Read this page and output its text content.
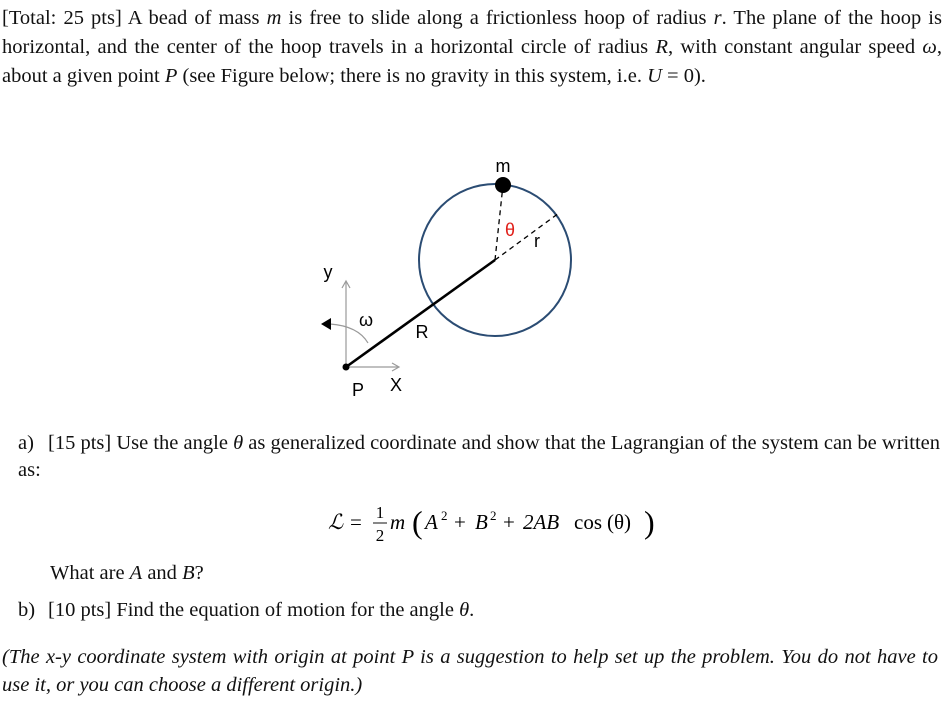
[Total: 25 pts] A bead of mass m is free to slide along a frictionless hoop of radius r. The plane of the hoop is horizontal, and the center of the hoop travels in a horizontal circle of radius R, with constant angular speed ω, about a given point P (see Figure below; there is no gravity in this system, i.e. U = 0).

m
θ
r
y
ω
R
P X
a) [15 pts] Use the angle θ as generalized coordinate and show that the Lagrangian of the system can be written as:
ℒ = 1
2
m ( A 2 + B 2 + 2AB cos (θ) )
What are A and B?
b) [10 pts] Find the equation of motion for the angle θ.

(The x-y coordinate system with origin at point P is a suggestion to help set up the problem. You do not have to use it, or you can choose a different origin.)
